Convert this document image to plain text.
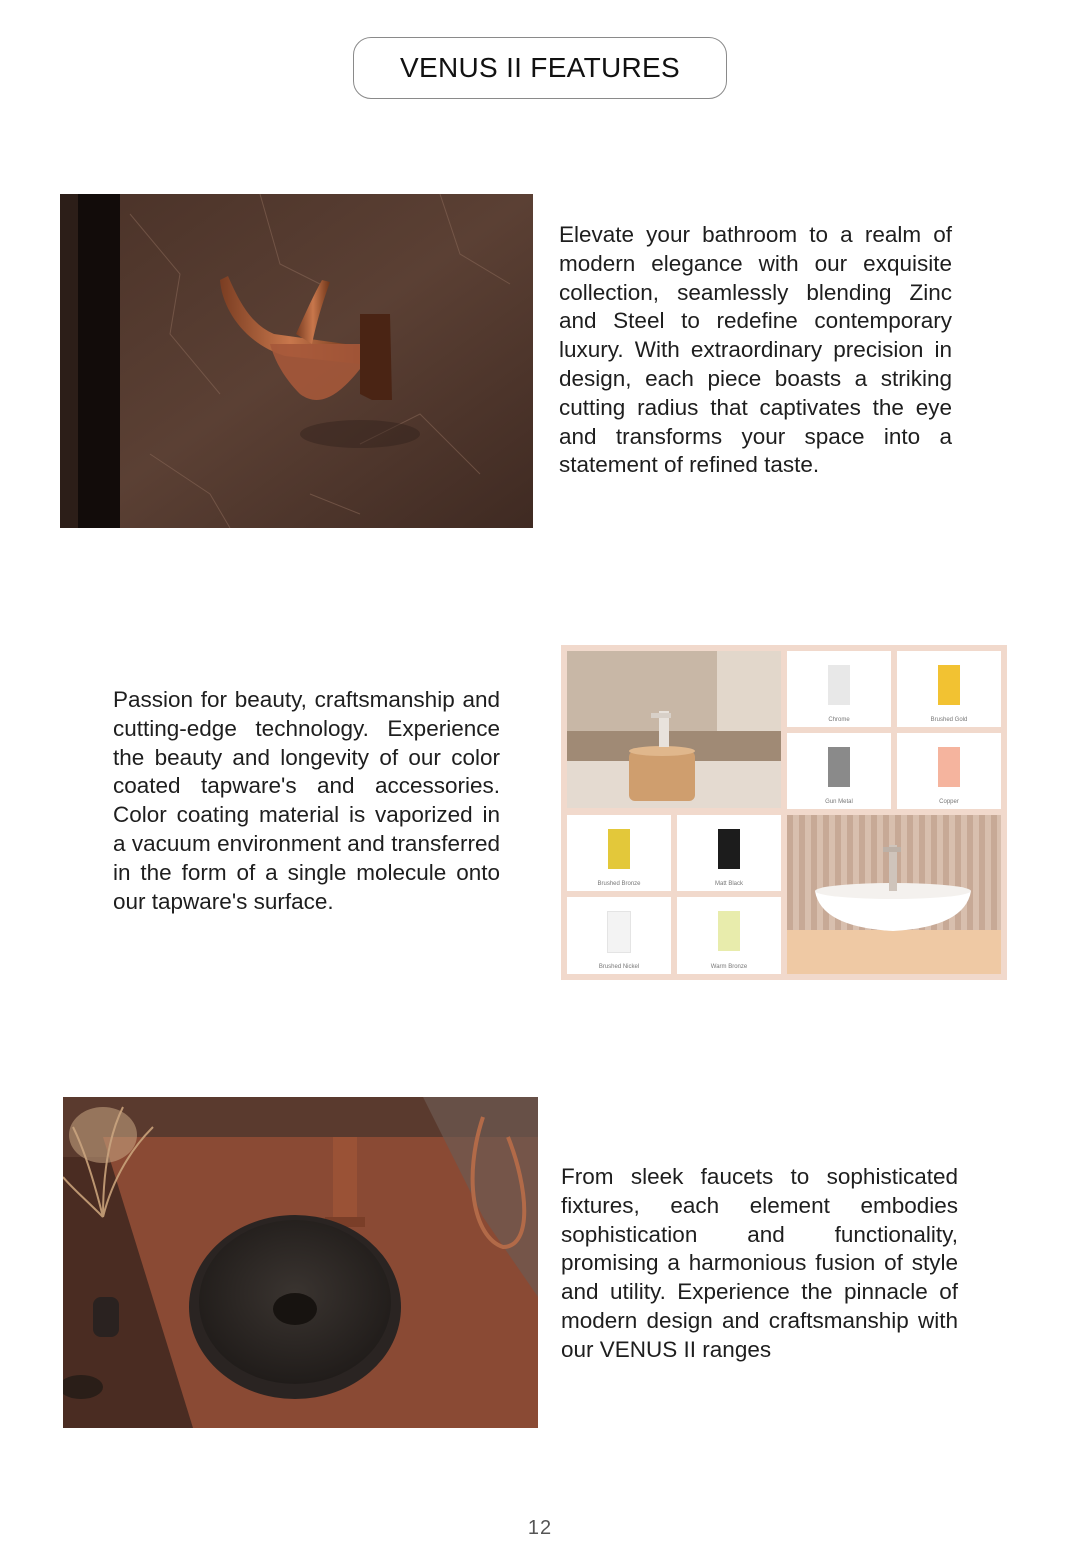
VENUS II FEATURES
Elevate your bathroom to a realm of modern elegance with our exquisite collection, seamlessly blending Zinc and Steel to redefine contemporary luxury. With extraordinary precision in design, each piece boasts a striking cutting radius that captivates the eye and transforms your space into a statement of refined taste.
Passion for beauty, craftsmanship and cutting-edge technology. Experience the beauty and longevity of our color coated tapware's and accessories. Color coating material is vaporized in a vacuum environment and transferred in the form of a single molecule onto our tapware's surface.
Chrome	Brushed Gold
Gun Metal	Copper
Brushed Bronze	Matt Black
Brushed Nickel	Warm Bronze
From sleek faucets to sophisticated fixtures, each element embodies sophistication and functionality, promising a harmonious fusion of style and utility. Experience the pinnacle of modern design and craftsmanship with our VENUS II ranges
12
